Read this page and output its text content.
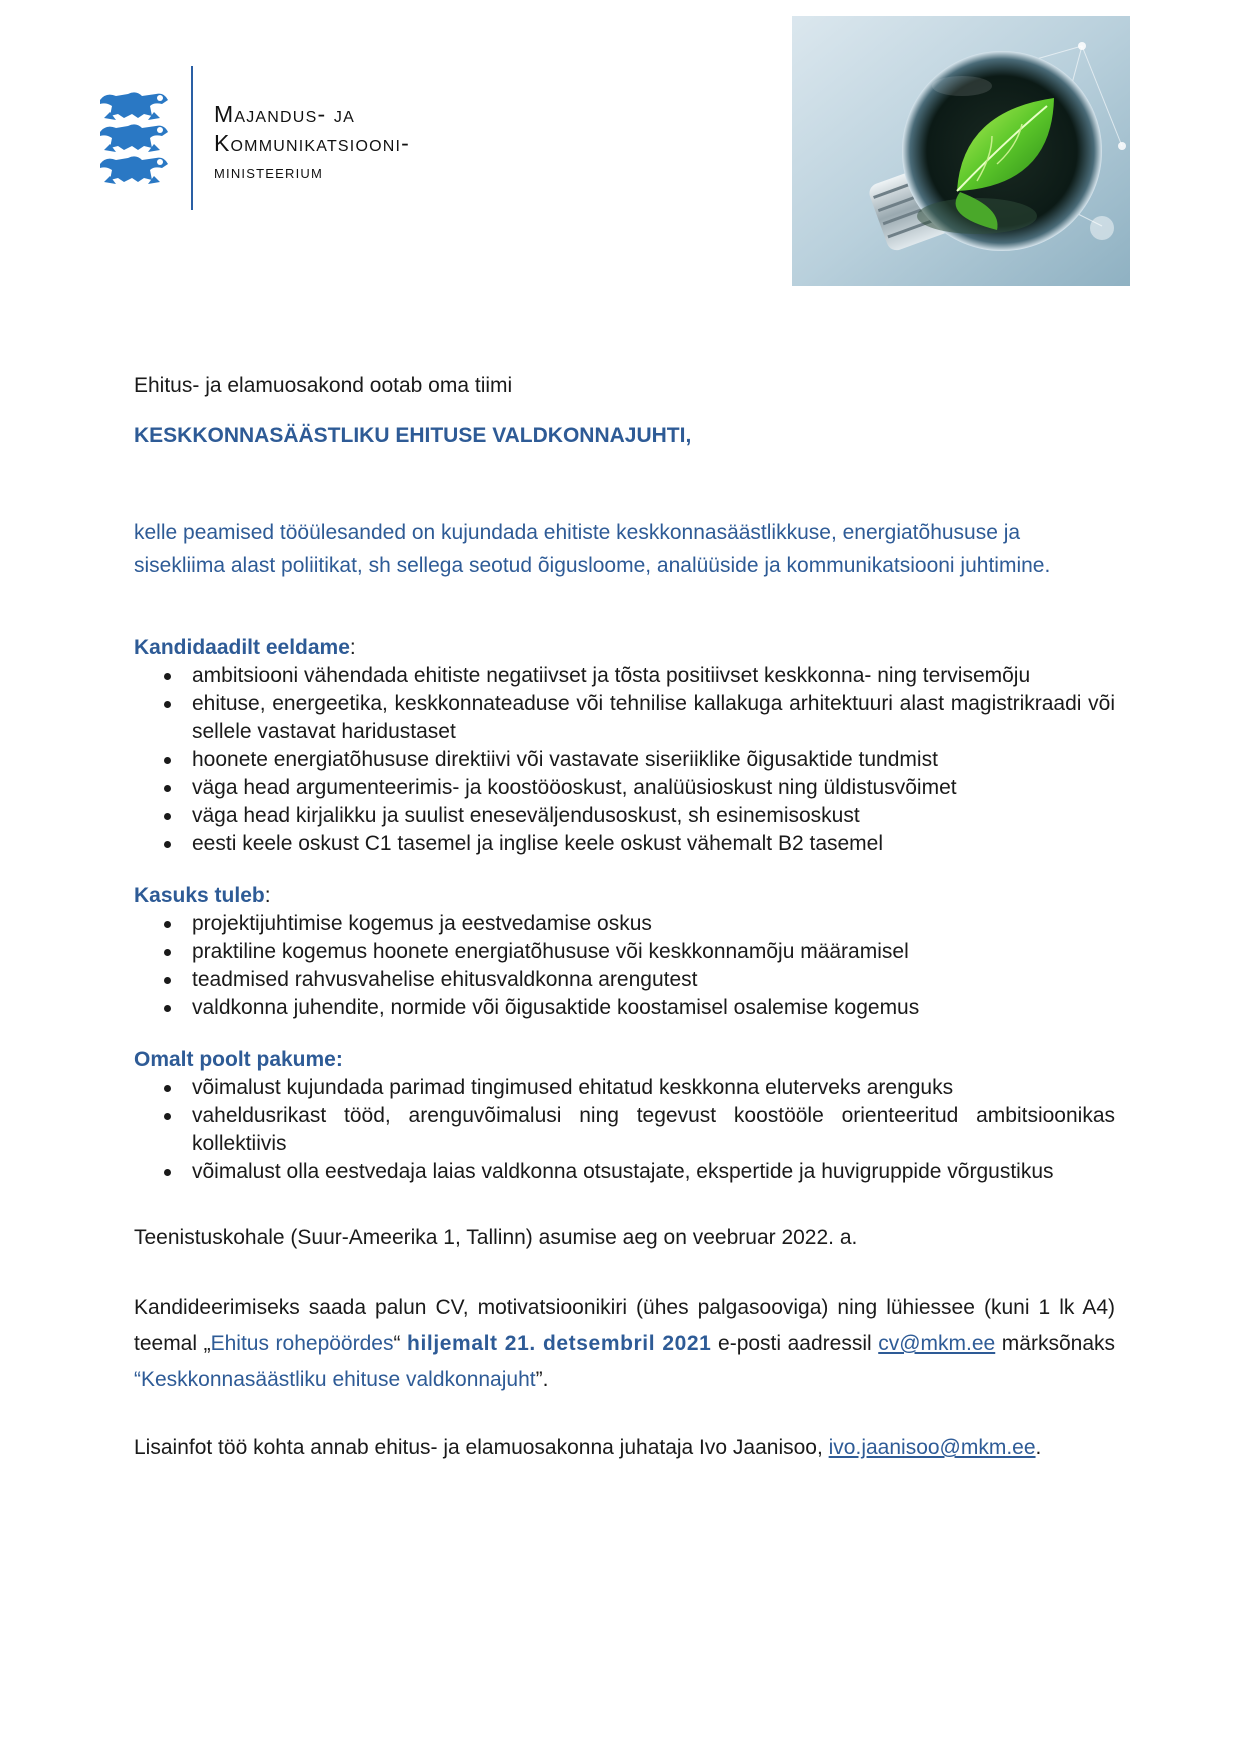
Majandus- ja
Kommunikatsiooni-
ministeerium

Ehitus- ja elamuosakond ootab oma tiimi

KESKKONNASÄÄSTLIKU EHITUSE VALDKONNAJUHTI,

kelle peamised tööülesanded on kujundada ehitiste keskkonnasäästlikkuse, energiatõhususe ja sisekliima alast poliitikat, sh sellega seotud õigusloome, analüüside ja kommunikatsiooni juhtimine.

Kandidaadilt eeldame:

ambitsiooni vähendada ehitiste negatiivset ja tõsta positiivset keskkonna- ning tervisemõju
ehituse, energeetika, keskkonnateaduse või tehnilise kallakuga arhitektuuri alast magistrikraadi või sellele vastavat haridustaset
hoonete energiatõhususe direktiivi või vastavate siseriiklike õigusaktide tundmist
väga head argumenteerimis- ja koostööoskust, analüüsioskust ning üldistusvõimet
väga head kirjalikku ja suulist eneseväljendusoskust, sh esinemisoskust
eesti keele oskust C1 tasemel ja inglise keele oskust vähemalt B2 tasemel

Kasuks tuleb:

projektijuhtimise kogemus ja eestvedamise oskus
praktiline kogemus hoonete energiatõhususe või keskkonnamõju määramisel
teadmised rahvusvahelise ehitusvaldkonna arengutest
valdkonna juhendite, normide või õigusaktide koostamisel osalemise kogemus

Omalt poolt pakume:

võimalust kujundada parimad tingimused ehitatud keskkonna eluterveks arenguks
vaheldusrikast tööd, arenguvõimalusi ning tegevust koostööle orienteeritud ambitsioonikas kollektiivis
võimalust olla eestvedaja laias valdkonna otsustajate, ekspertide ja huvigruppide võrgustikus

Teenistuskohale (Suur-Ameerika 1, Tallinn) asumise aeg on veebruar 2022. a.

Kandideerimiseks saada palun CV, motivatsioonikiri (ühes palgasooviga) ning lühiessee (kuni 1 lk A4) teemal „Ehitus rohepöördes“ hiljemalt 21. detsembril 2021 e-posti aadressil cv@mkm.ee märksõnaks “Keskkonnasäästliku ehituse valdkonnajuht”.

Lisainfot töö kohta annab ehitus- ja elamuosakonna juhataja Ivo Jaanisoo, ivo.jaanisoo@mkm.ee.
